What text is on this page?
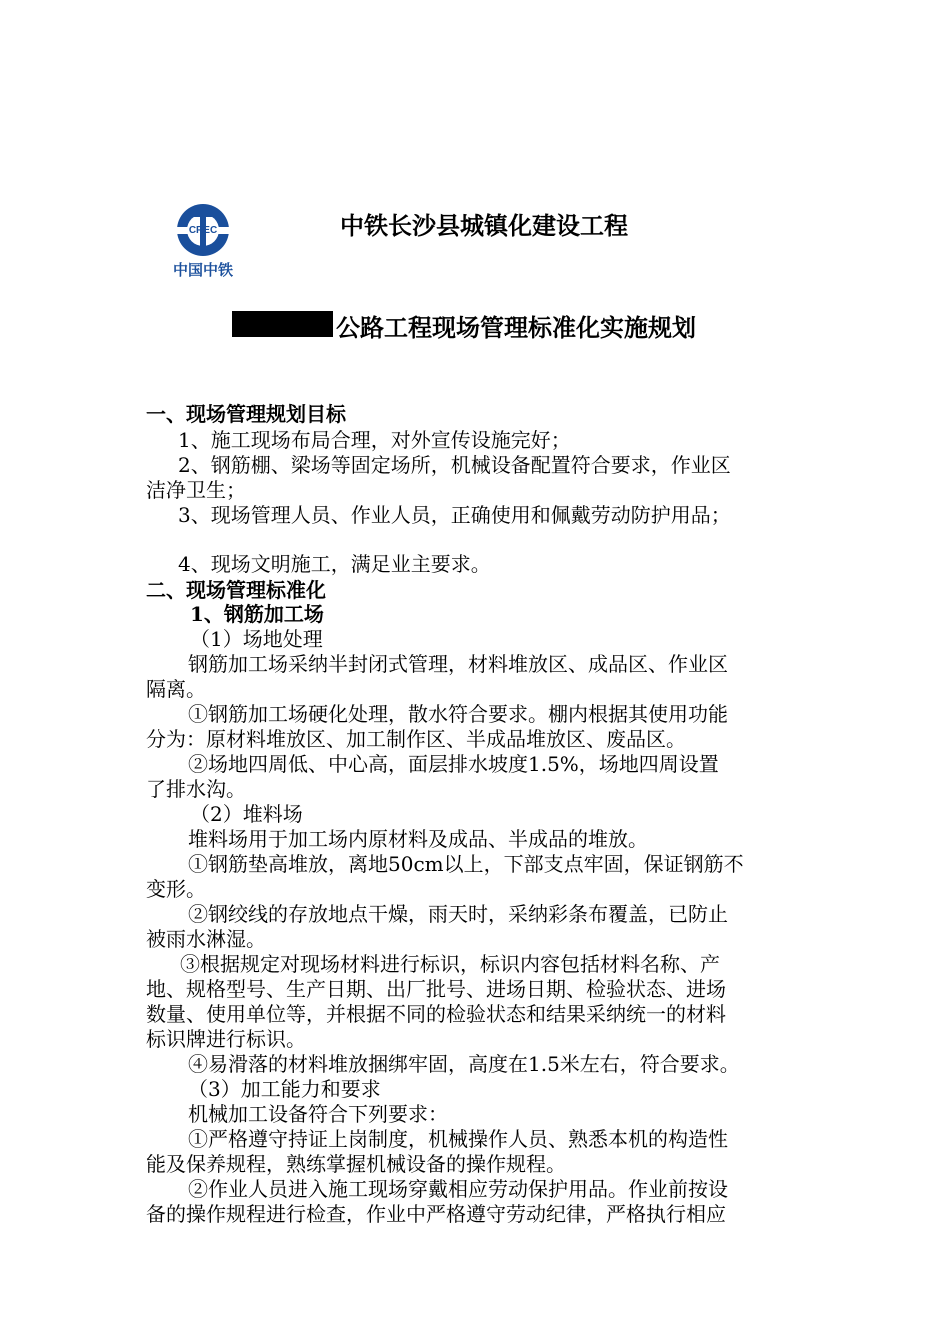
CREC
中国中铁
中铁长沙县城镇化建设工程
公路工程现场管理标准化实施规划
一、现场管理规划目标
1、施工现场布局合理，对外宣传设施完好；
2、钢筋棚、梁场等固定场所，机械设备配置符合要求，作业区
洁净卫生；
3、现场管理人员、作业人员，正确使用和佩戴劳动防护用品；
4、现场文明施工，满足业主要求。
二、现场管理标准化
1、钢筋加工场
（1）场地处理
钢筋加工场采纳半封闭式管理，材料堆放区、成品区、作业区
隔离。
①钢筋加工场硬化处理，散水符合要求。棚内根据其使用功能
分为：原材料堆放区、加工制作区、半成品堆放区、废品区。
②场地四周低、中心高，面层排水坡度1.5%，场地四周设置
了排水沟。
（2）堆料场
堆料场用于加工场内原材料及成品、半成品的堆放。
①钢筋垫高堆放，离地50cm以上，下部支点牢固，保证钢筋不
变形。
②钢绞线的存放地点干燥，雨天时，采纳彩条布覆盖，已防止
被雨水淋湿。
③根据规定对现场材料进行标识，标识内容包括材料名称、产
地、规格型号、生产日期、出厂批号、进场日期、检验状态、进场
数量、使用单位等，并根据不同的检验状态和结果采纳统一的材料
标识牌进行标识。
④易滑落的材料堆放捆绑牢固，高度在1.5米左右，符合要求。
（3）加工能力和要求
机械加工设备符合下列要求：
①严格遵守持证上岗制度，机械操作人员、熟悉本机的构造性
能及保养规程，熟练掌握机械设备的操作规程。
②作业人员进入施工现场穿戴相应劳动保护用品。作业前按设
备的操作规程进行检查，作业中严格遵守劳动纪律，严格执行相应
